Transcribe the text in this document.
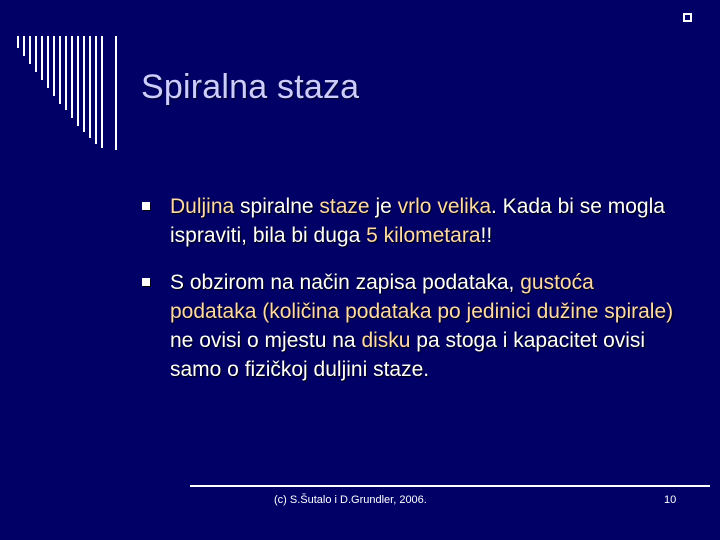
Spiralna staza
Duljina spiralne staze je vrlo velika. Kada bi se mogla ispraviti, bila bi duga 5 kilometara!!
S obzirom na način zapisa podataka, gustoća podataka (količina podataka po jedinici dužine spirale) ne ovisi o mjestu na disku pa stoga i kapacitet ovisi samo o fizičkoj duljini staze.
(c) S.Šutalo i D.Grundler, 2006.	10
